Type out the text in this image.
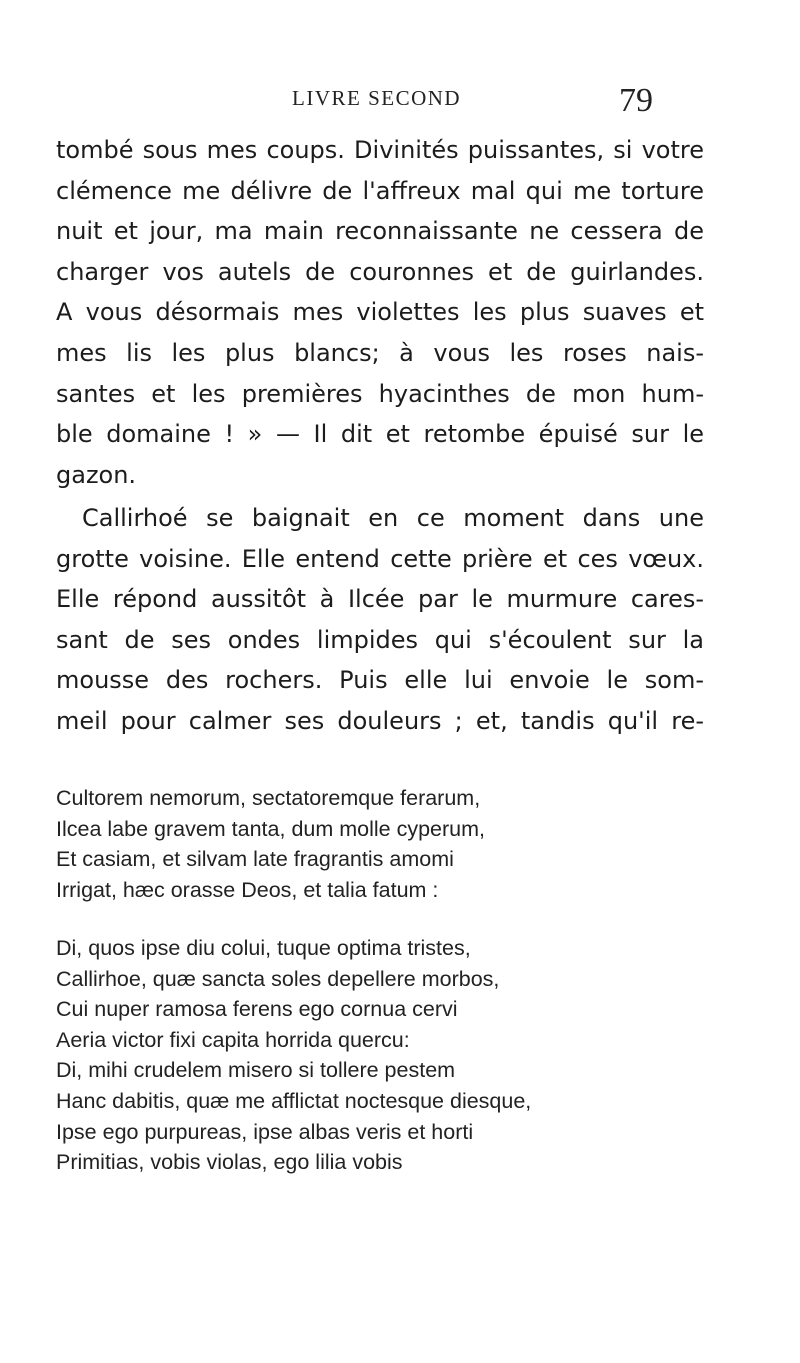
LIVRE SECOND	79
tombé sous mes coups. Divinités puissantes, si votre
clémence me délivre de l'affreux mal qui me torture
nuit et jour, ma main reconnaissante ne cessera de
charger vos autels de couronnes et de guirlandes.
A vous désormais mes violettes les plus suaves et
mes lis les plus blancs; à vous les roses nais-
santes et les premières hyacinthes de mon hum-
ble domaine ! » — Il dit et retombe épuisé sur le
gazon.
Callirhoé se baignait en ce moment dans une
grotte voisine. Elle entend cette prière et ces vœux.
Elle répond aussitôt à Ilcée par le murmure cares-
sant de ses ondes limpides qui s'écoulent sur la
mousse des rochers. Puis elle lui envoie le som-
meil pour calmer ses douleurs ; et, tandis qu'il re-
Cultorem nemorum, sectatoremque ferarum,
Ilcea labe gravem tanta, dum molle cyperum,
Et casiam, et silvam late fragrantis amomi
Irrigat, hæc orasse Deos, et talia fatum :
Di, quos ipse diu colui, tuque optima tristes,
Callirhoe, quæ sancta soles depellere morbos,
Cui nuper ramosa ferens ego cornua cervi
Aeria victor fixi capita horrida quercu:
Di, mihi crudelem misero si tollere pestem
Hanc dabitis, quæ me afflictat noctesque diesque,
Ipse ego purpureas, ipse albas veris et horti
Primitias, vobis violas, ego lilia vobis
